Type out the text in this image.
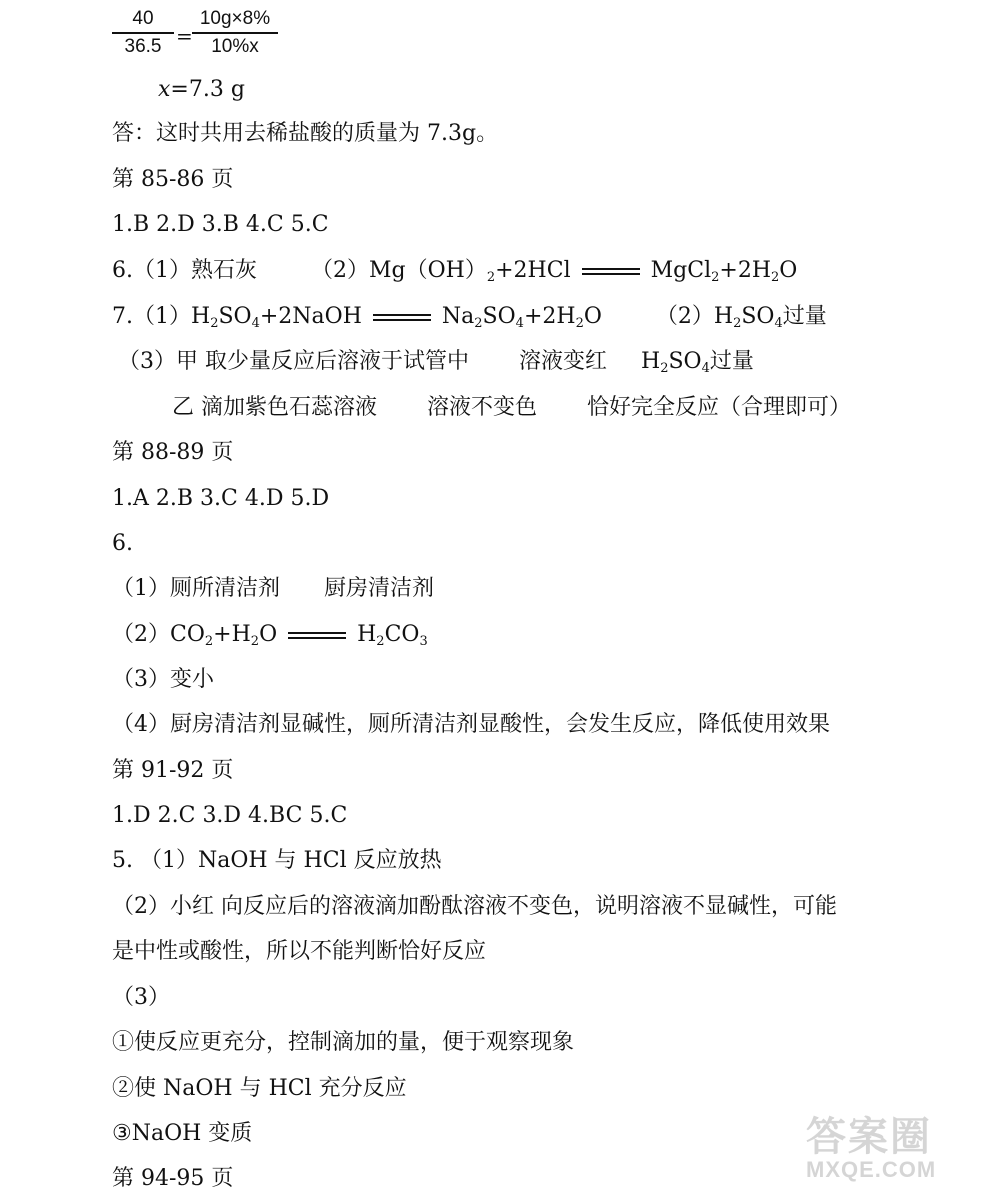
40
36.5 =
10g×8%
10%x
x=7.3 g
答：这时共用去稀盐酸的质量为 7.3g。
第 85-86 页
1.B 2.D 3.B 4.C 5.C
6.（1）熟石灰 $(2)Mg(OH)_2+2HCl$	$MgCl_2+2H_2O$
$7.(1)H_2SO_4+2NaOH$	$Na_2SO_4+2H_2O$ $(2)H_2SO_4$过量
（3）甲 取少量反应后溶液于试管中 溶液变红 $H_2SO_4$过量
乙 滴加紫色石蕊溶液 溶液不变色 恰好完全反应（合理即可）
第 88-89 页
1.A 2.B 3.C 4.D 5.D
6.
（1）厕所清洁剂 厨房清洁剂
$(2)CO_2+H_2O$	$H_2CO_3$
（3）变小
（4）厨房清洁剂显碱性，厕所清洁剂显酸性，会发生反应，降低使用效果
第 91-92 页
1.D 2.C 3.D 4.BC 5.C
5. （1）NaOH 与 HCl 反应放热
（2）小红 向反应后的溶液滴加酚酞溶液不变色，说明溶液不显碱性，可能
是中性或酸性，所以不能判断恰好反应
（3）
①使反应更充分，控制滴加的量，便于观察现象
②使 NaOH 与 HCl 充分反应
③NaOH 变质
第 94-95 页
答案圈
MXQE.COM
